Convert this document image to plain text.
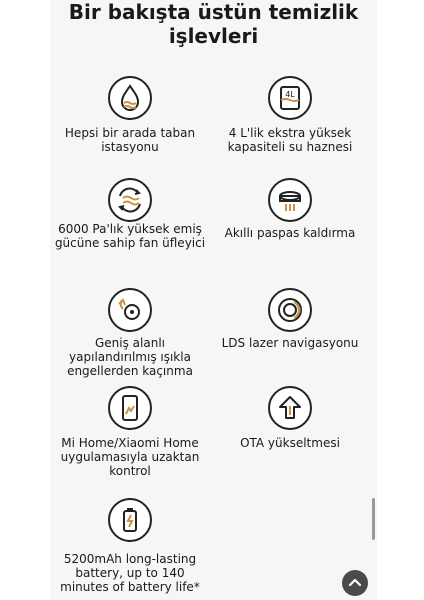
Bir bakışta üstün temizlik
işlevleri
Hepsi bir arada taban istasyonu
4L
4 L'lik ekstra yüksek kapasiteli su haznesi
6000 Pa'lık yüksek emiş gücüne sahip fan üfleyici
Akıllı paspas kaldırma
Geniş alanlı yapılandırılmış ışıkla engellerden kaçınma
LDS lazer navigasyonu
Mi Home/Xiaomi Home uygulamasıyla uzaktan kontrol
OTA yükseltmesi
5200mAh long-lasting battery, up to 140 minutes of battery life*
